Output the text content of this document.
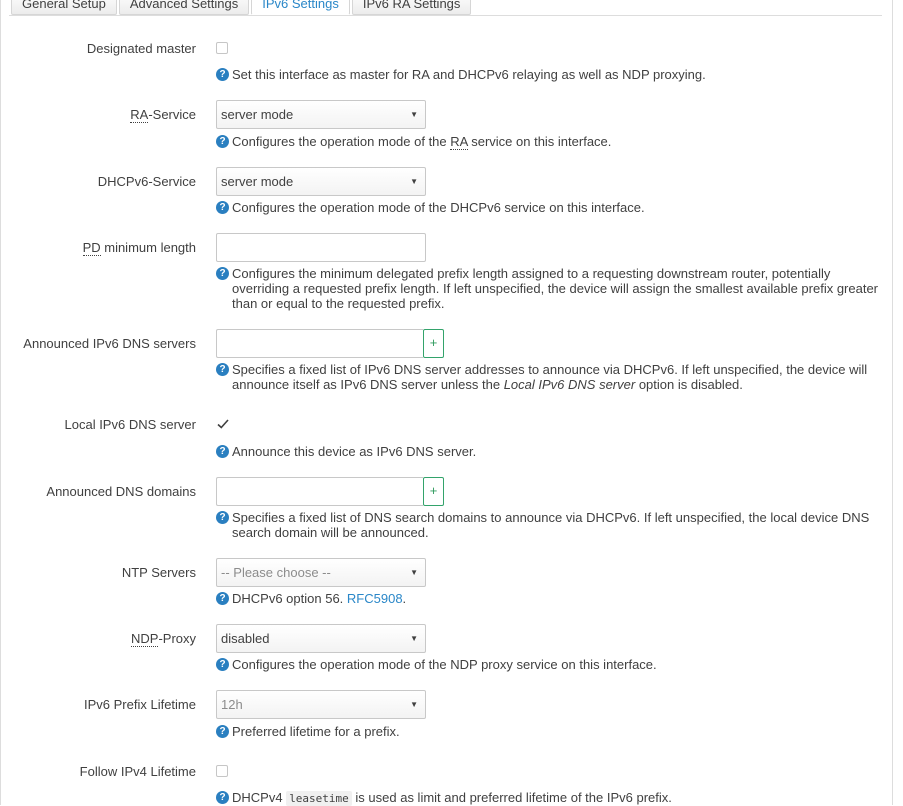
General Setup	Advanced Settings	IPv6 Settings	IPv6 RA Settings
Designated master
? Set this interface as master for RA and DHCPv6 relaying as well as NDP proxying.
RA-Service	server mode	▼
? Configures the operation mode of the RA service on this interface.
DHCPv6-Service	server mode	▼
? Configures the operation mode of the DHCPv6 service on this interface.
PD minimum length
? Configures the minimum delegated prefix length assigned to a requesting downstream router, potentially overriding a requested prefix length. If left unspecified, the device will assign the smallest available prefix greater than or equal to the requested prefix.
Announced IPv6 DNS servers	+
? Specifies a fixed list of IPv6 DNS server addresses to announce via DHCPv6. If left unspecified, the device will announce itself as IPv6 DNS server unless the Local IPv6 DNS server option is disabled.
Local IPv6 DNS server
? Announce this device as IPv6 DNS server.
Announced DNS domains	+
? Specifies a fixed list of DNS search domains to announce via DHCPv6. If left unspecified, the local device DNS search domain will be announced.
NTP Servers	-- Please choose --	▼
? DHCPv6 option 56. RFC5908.
NDP-Proxy	disabled	▼
? Configures the operation mode of the NDP proxy service on this interface.
IPv6 Prefix Lifetime	12h	▼
? Preferred lifetime for a prefix.
Follow IPv4 Lifetime
? DHCPv4 leasetime is used as limit and preferred lifetime of the IPv6 prefix.
